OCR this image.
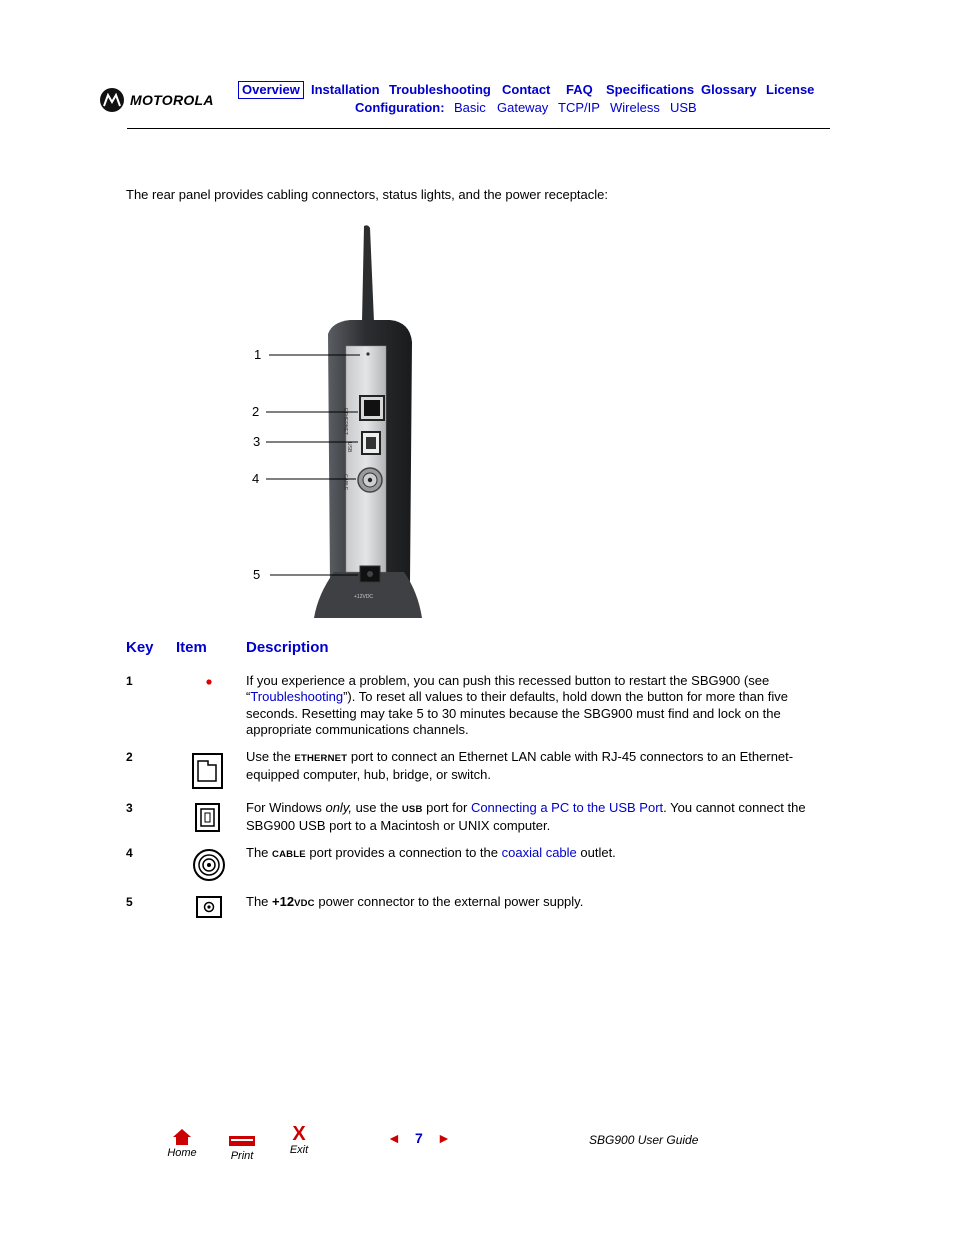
MOTOROLA
Overview Installation Troubleshooting Contact FAQ Specifications Glossary License
Configuration: Basic Gateway TCP/IP Wireless USB
The rear panel provides cabling connectors, status lights, and the power receptacle:
ETHERNET
USB
CABLE
+12VDC
1
2
3
4
5
Key Item	Description
1	If you experience a problem, you can push this recessed button to restart the SBG900 (see “Troubleshooting”). To reset all values to their defaults, hold down the button for more than five seconds. Resetting may take 5 to 30 minutes because the SBG900 must find and lock on the appropriate communications channels.
2	Use the ETHERNET port to connect an Ethernet LAN cable with RJ-45 connectors to an Ethernet-equipped computer, hub, bridge, or switch.
3	For Windows only, use the USB port for Connecting a PC to the USB Port. You cannot connect the SBG900 USB port to a Macintosh or UNIX computer.
4	The CABLE port provides a connection to the coaxial cable outlet.
5	The +12VDC power connector to the external power supply.
Home	Print
X
Exit
◄ 7 ►	SBG900 User Guide
